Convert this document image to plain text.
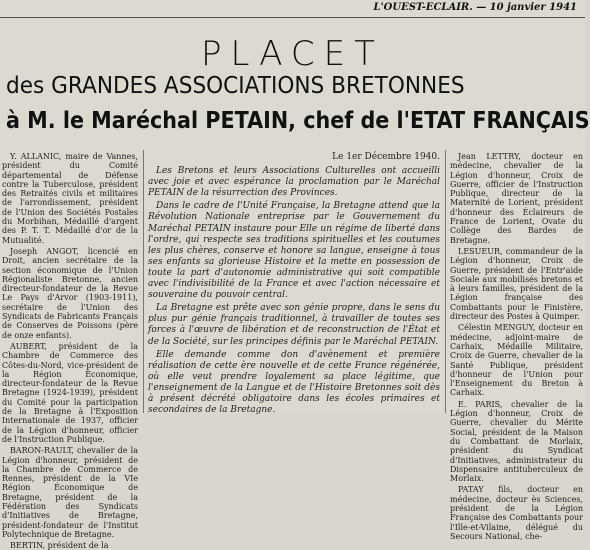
L'OUEST-ECLAIR. — 10 janvier 1941
PLACET
des GRANDES ASSOCIATIONS BRETONNES
à M. le Maréchal PETAIN, chef de l'ETAT FRANÇAIS

Y. ALLANIC, maire de Vannes, président du Comité départemental de Défense contre la Tuberculose, président des Retraités civils et militaires de l'arrondissement, président de l'Union des Sociétés Postales du Morbihan, Médaillé d'argent des P. T. T. Médaillé d'or de la Mutualité.

Joseph ANGOT, licencié en Droit, ancien secrétaire de la section économique de l'Union Régionaliste Bretonne, ancien directeur-fondateur de la Revue Le Pays d'Arvor (1903-1911), secrétaire de l'Union des Syndicats de Fabricants Français de Conserves de Poissons (père de onze enfants).

AUBERT, président de la Chambre de Commerce des Côtes-du-Nord, vice-président de la Région Économique, directeur-fondateur de la Revue Bretagne (1924-1939), président du Comité pour la participation de la Bretagne à l'Exposition Internationale de 1937, officier de la Légion d'honneur, officier de l'Instruction Publique.

BARON-RAULT, chevalier de la Légion d'honneur, président de la Chambre de Commerce de Rennes, président de la VIe Région Économique de Bretagne, président de la Fédération des Syndicats d'Initiatives de Bretagne, président-fondateur de l'Institut Polytechnique de Bretagne.

BERTIN, président de la

Le 1er Décembre 1940.

Les Bretons et leurs Associations Culturelles ont accueilli avec joie et avec espérance la proclamation par le Maréchal PETAIN de la résurrection des Provinces.

Dans le cadre de l'Unité Française, la Bretagne attend que la Révolution Nationale entreprise par le Gouvernement du Maréchal PETAIN instaure pour Elle un régime de liberté dans l'ordre, qui respecte ses traditions spirituelles et les coutumes les plus chères, conserve et honore sa langue, enseigne à tous ses enfants sa glorieuse Histoire et la mette en possession de toute la part d'autonomie administrative qui soit compatible avec l'indivisibilité de la France et avec l'action nécessaire et souveraine du pouvoir central.

La Bretagne est prête avec son génie propre, dans le sens du plus pur génie français traditionnel, à travailler de toutes ses forces à l'œuvre de libération et de reconstruction de l'État et de la Société, sur les principes définis par le Maréchal PETAIN.

Elle demande comme don d'avènement et première réalisation de cette ère nouvelle et de cette France régénérée, où elle veut prendre loyalement sa place légitime, que l'enseignement de la Langue et de l'Histoire Bretonnes soit dès à présent décrété obligatoire dans les écoles primaires et secondaires de la Bretagne.

Jean LETTRY, docteur en médecine, chevalier de la Légion d'honneur, Croix de Guerre, officier de l'Instruction Publique, directeur de la Maternité de Lorient, président d'honneur des Éclaireurs de France de Lorient, Ovate du Collège des Bardes de Bretagne.

LESUEUR, commandeur de la Légion d'honneur, Croix de Guerre, président de l'Entr'aide Sociale aux mobilisés bretons et à leurs familles, président de la Légion française des Combattants pour le Finistère, directeur des Postes à Quimper.

Célestin MENGUY, docteur en médecine, adjoint-maire de Carhaix, Médaille Militaire, Croix de Guerre, chevalier de la Santé Publique, président d'honneur de l'Union pour l'Enseignement du Breton à Carhaix.

E. PARIS, chevalier de la Légion d'honneur, Croix de Guerre, chevalier du Mérite Social, président de la Maison du Combattant de Morlaix, président du Syndicat d'Initiatives, administrateur du Dispensaire antituberculeux de Morlaix.

PATAY fils, docteur en médecine, docteur ès Sciences, président de la Légion Française des Combattants pour l'Ille-et-Vilaine, délégué du Secours National, che-
